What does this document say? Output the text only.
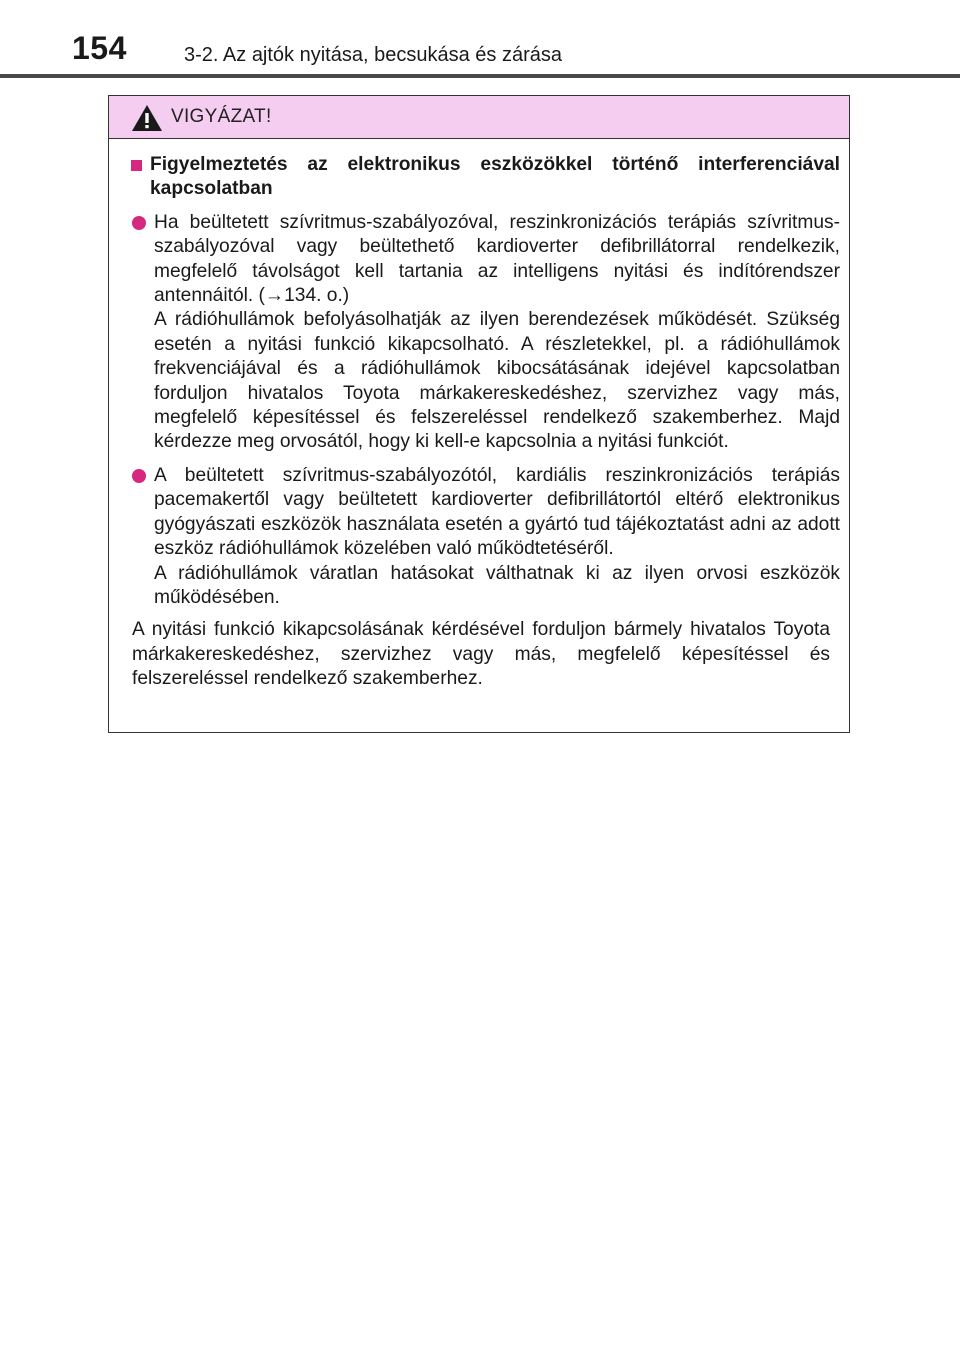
154	3-2. Az ajtók nyitása, becsukása és zárása
VIGYÁZAT!
Figyelmeztetés az elektronikus eszközökkel történő interferenciával kapcsolatban

Ha beültetett szívritmus-szabályozóval, reszinkronizációs terápiás szívritmus-szabályozóval vagy beültethető kardioverter defibrillátorral rendelkezik, megfelelő távolságot kell tartania az intelligens nyitási és indítórendszer antennáitól. (→134. o.)

A rádióhullámok befolyásolhatják az ilyen berendezések működését. Szükség esetén a nyitási funkció kikapcsolható. A részletekkel, pl. a rádióhullámok frekvenciájával és a rádióhullámok kibocsátásának idejével kapcsolatban forduljon hivatalos Toyota márkakereskedéshez, szervizhez vagy más, megfelelő képesítéssel és felszereléssel rendelkező szakemberhez. Majd kérdezze meg orvosától, hogy ki kell-e kapcsolnia a nyitási funkciót.

A beültetett szívritmus-szabályozótól, kardiális reszinkronizációs terápiás pacemakertől vagy beültetett kardioverter defibrillátortól eltérő elektronikus gyógyászati eszközök használata esetén a gyártó tud tájékoztatást adni az adott eszköz rádióhullámok közelében való működtetéséről.

A rádióhullámok váratlan hatásokat válthatnak ki az ilyen orvosi eszközök működésében.

A nyitási funkció kikapcsolásának kérdésével forduljon bármely hivatalos Toyota márkakereskedéshez, szervizhez vagy más, megfelelő képesítéssel és felszereléssel rendelkező szakemberhez.
